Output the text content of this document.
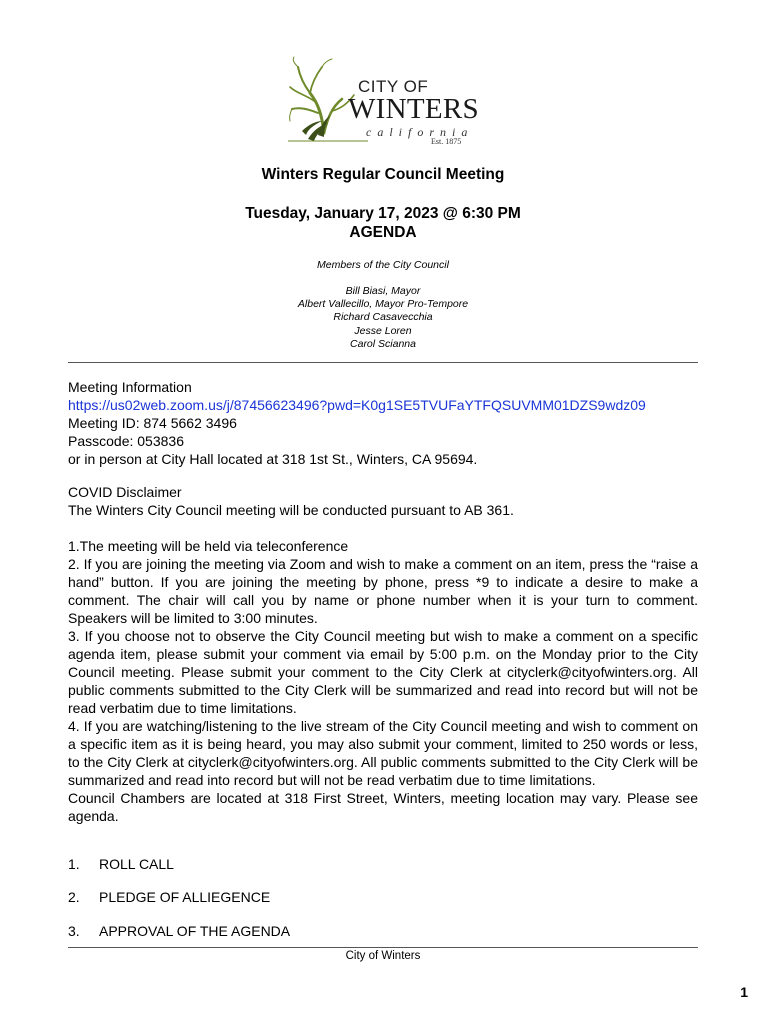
CITY OF
WINTERS
california
Est. 1875
Winters Regular Council Meeting
Tuesday, January 17, 2023 @ 6:30 PM
AGENDA
Members of the City Council
Bill Biasi, Mayor
Albert Vallecillo, Mayor Pro-Tempore
Richard Casavecchia
Jesse Loren
Carol Scianna
Meeting Information
https://us02web.zoom.us/j/87456623496?pwd=K0g1SE5TVUFaYTFQSUVMM01DZS9wdz09
Meeting ID: 874 5662 3496
Passcode: 053836
or in person at City Hall located at 318 1st St., Winters, CA 95694.
COVID Disclaimer
The Winters City Council meeting will be conducted pursuant to AB 361.
1.The meeting will be held via teleconference
2. If you are joining the meeting via Zoom and wish to make a comment on an item, press the “raise a hand” button. If you are joining the meeting by phone, press *9 to indicate a desire to make a comment. The chair will call you by name or phone number when it is your turn to comment. Speakers will be limited to 3:00 minutes.
3. If you choose not to observe the City Council meeting but wish to make a comment on a specific agenda item, please submit your comment via email by 5:00 p.m. on the Monday prior to the City Council meeting. Please submit your comment to the City Clerk at cityclerk@cityofwinters.org. All public comments submitted to the City Clerk will be summarized and read into record but will not be read verbatim due to time limitations.
4. If you are watching/listening to the live stream of the City Council meeting and wish to comment on a specific item as it is being heard, you may also submit your comment, limited to 250 words or less, to the City Clerk at cityclerk@cityofwinters.org. All public comments submitted to the City Clerk will be summarized and read into record but will not be read verbatim due to time limitations.
Council Chambers are located at 318 First Street, Winters, meeting location may vary. Please see agenda.
1. ROLL CALL
2. PLEDGE OF ALLIEGENCE
3. APPROVAL OF THE AGENDA
City of Winters
1
